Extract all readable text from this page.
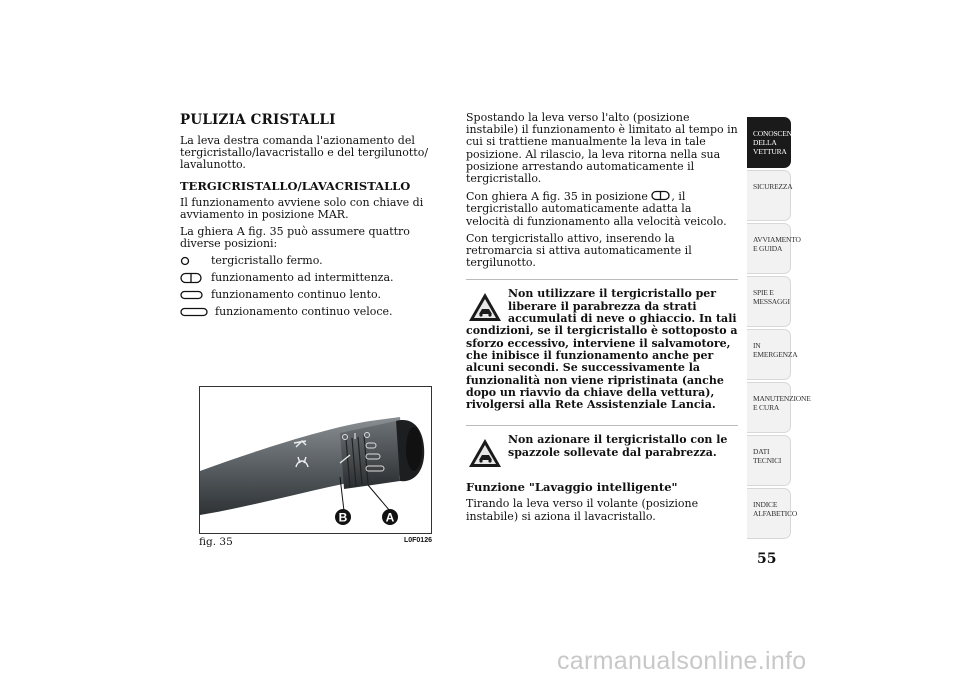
PULIZIA CRISTALLI

La leva destra comanda l'azionamento del tergicristallo/lavacristallo e del tergilunotto/ lavalunotto.

TERGICRISTALLO/LAVACRISTALLO

Il funzionamento avviene solo con chiave di avviamento in posizione MAR.

La ghiera A fig. 35 può assumere quattro diverse posizioni:

tergicristallo fermo.
funzionamento ad intermittenza.
funzionamento continuo lento.
funzionamento continuo veloce.
B	A
fig. 35	L0F0126

Spostando la leva verso l'alto (posizione instabile) il funzionamento è limitato al tempo in cui si trattiene manualmente la leva in tale posizione. Al rilascio, la leva ritorna nella sua posizione arrestando automaticamente il tergicristallo.

Con ghiera A fig. 35 in posizione , il tergicristallo automaticamente adatta la velocità di funzionamento alla velocità veicolo.

Con tergicristallo attivo, inserendo la retromarcia si attiva automaticamente il tergilunotto.

Non utilizzare il tergicristallo per liberare il parabrezza da strati accumulati di neve o ghiaccio. In tali
condizioni, se il tergicristallo è sottoposto a sforzo eccessivo, interviene il salvamotore, che inibisce il funzionamento anche per alcuni secondi. Se successivamente la funzionalità non viene ripristinata (anche dopo un riavvio da chiave della vettura), rivolgersi alla Rete Assistenziale Lancia.

Non azionare il tergicristallo con le spazzole sollevate dal parabrezza.

Funzione "Lavaggio intelligente"

Tirando la leva verso il volante (posizione instabile) si aziona il lavacristallo.

CONOSCENZA DELLA VETTURA
SICUREZZA
AVVIAMENTO E GUIDA
SPIE E MESSAGGI
IN EMERGENZA
MANUTENZIONE E CURA
DATI TECNICI
INDICE ALFABETICO
55
carmanualsonline.info
